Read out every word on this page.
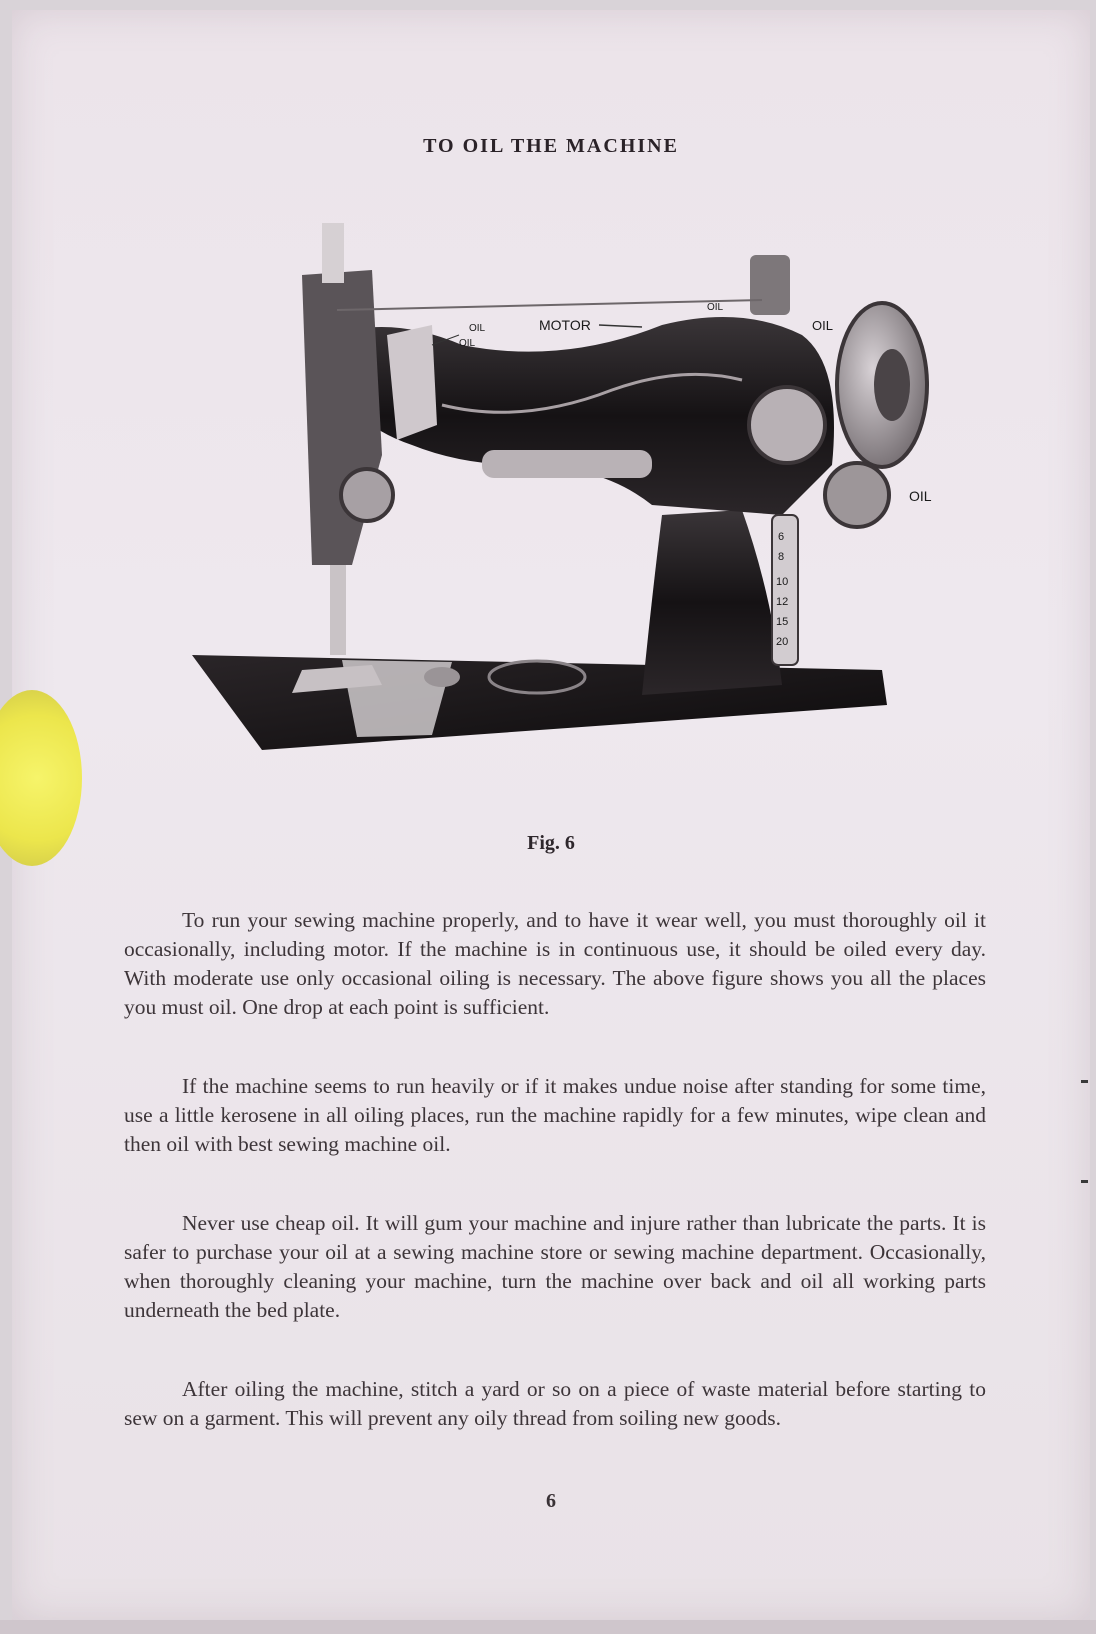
TO OIL THE MACHINE
6
8
10
12
15
20
OIL
OIL
MOTOR
OIL
OIL
OIL
Fig. 6

To run your sewing machine properly, and to have it wear well, you must thoroughly oil it occasionally, including motor. If the machine is in continuous use, it should be oiled every day. With moderate use only occasional oiling is necessary. The above figure shows you all the places you must oil. One drop at each point is sufficient.

If the machine seems to run heavily or if it makes undue noise after standing for some time, use a little kerosene in all oiling places, run the machine rapidly for a few minutes, wipe clean and then oil with best sewing machine oil.

Never use cheap oil. It will gum your machine and injure rather than lubricate the parts. It is safer to purchase your oil at a sewing machine store or sewing machine department. Occasionally, when thoroughly cleaning your machine, turn the machine over back and oil all working parts underneath the bed plate.

After oiling the machine, stitch a yard or so on a piece of waste material before starting to sew on a garment. This will prevent any oily thread from soiling new goods.

6
